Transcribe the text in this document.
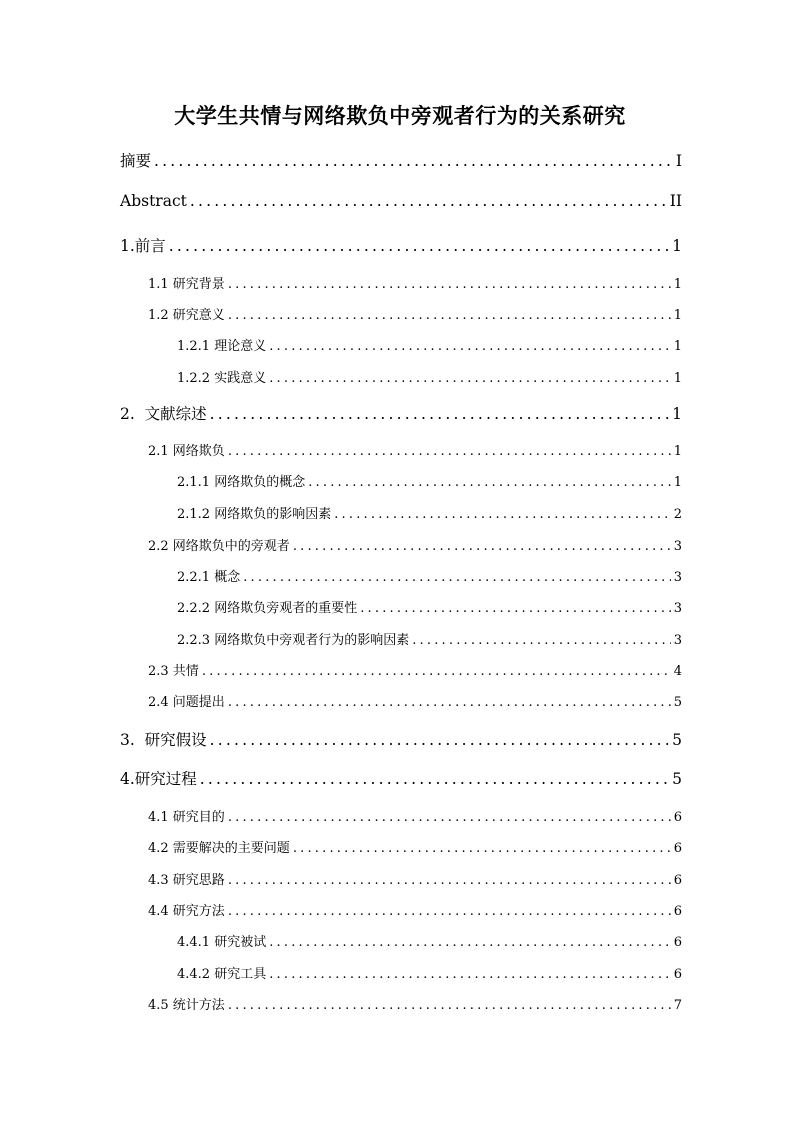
大学生共情与网络欺负中旁观者行为的关系研究
摘要 .....	I
Abstract .....	II
1.前言 .....	1
1.1 研究背景 .....	1
1.2 研究意义 .....	1
1.2.1 理论意义 .....	1
1.2.2 实践意义 .....	1
2.  文献综述 .....	1
2.1 网络欺负 .....	1
2.1.1 网络欺负的概念 .....	1
2.1.2 网络欺负的影响因素 .....	2
2.2 网络欺负中的旁观者 .....	3
2.2.1 概念 .....	3
2.2.2 网络欺负旁观者的重要性 .....	3
2.2.3 网络欺负中旁观者行为的影响因素 .....	3
2.3 共情 .....	4
2.4 问题提出 .....	5
3.  研究假设 .....	5
4.研究过程 .....	5
4.1 研究目的 .....	6
4.2 需要解决的主要问题 .....	6
4.3 研究思路 .....	6
4.4 研究方法 .....	6
4.4.1 研究被试 .....	6
4.4.2 研究工具 .....	6
4.5 统计方法 .....	7
